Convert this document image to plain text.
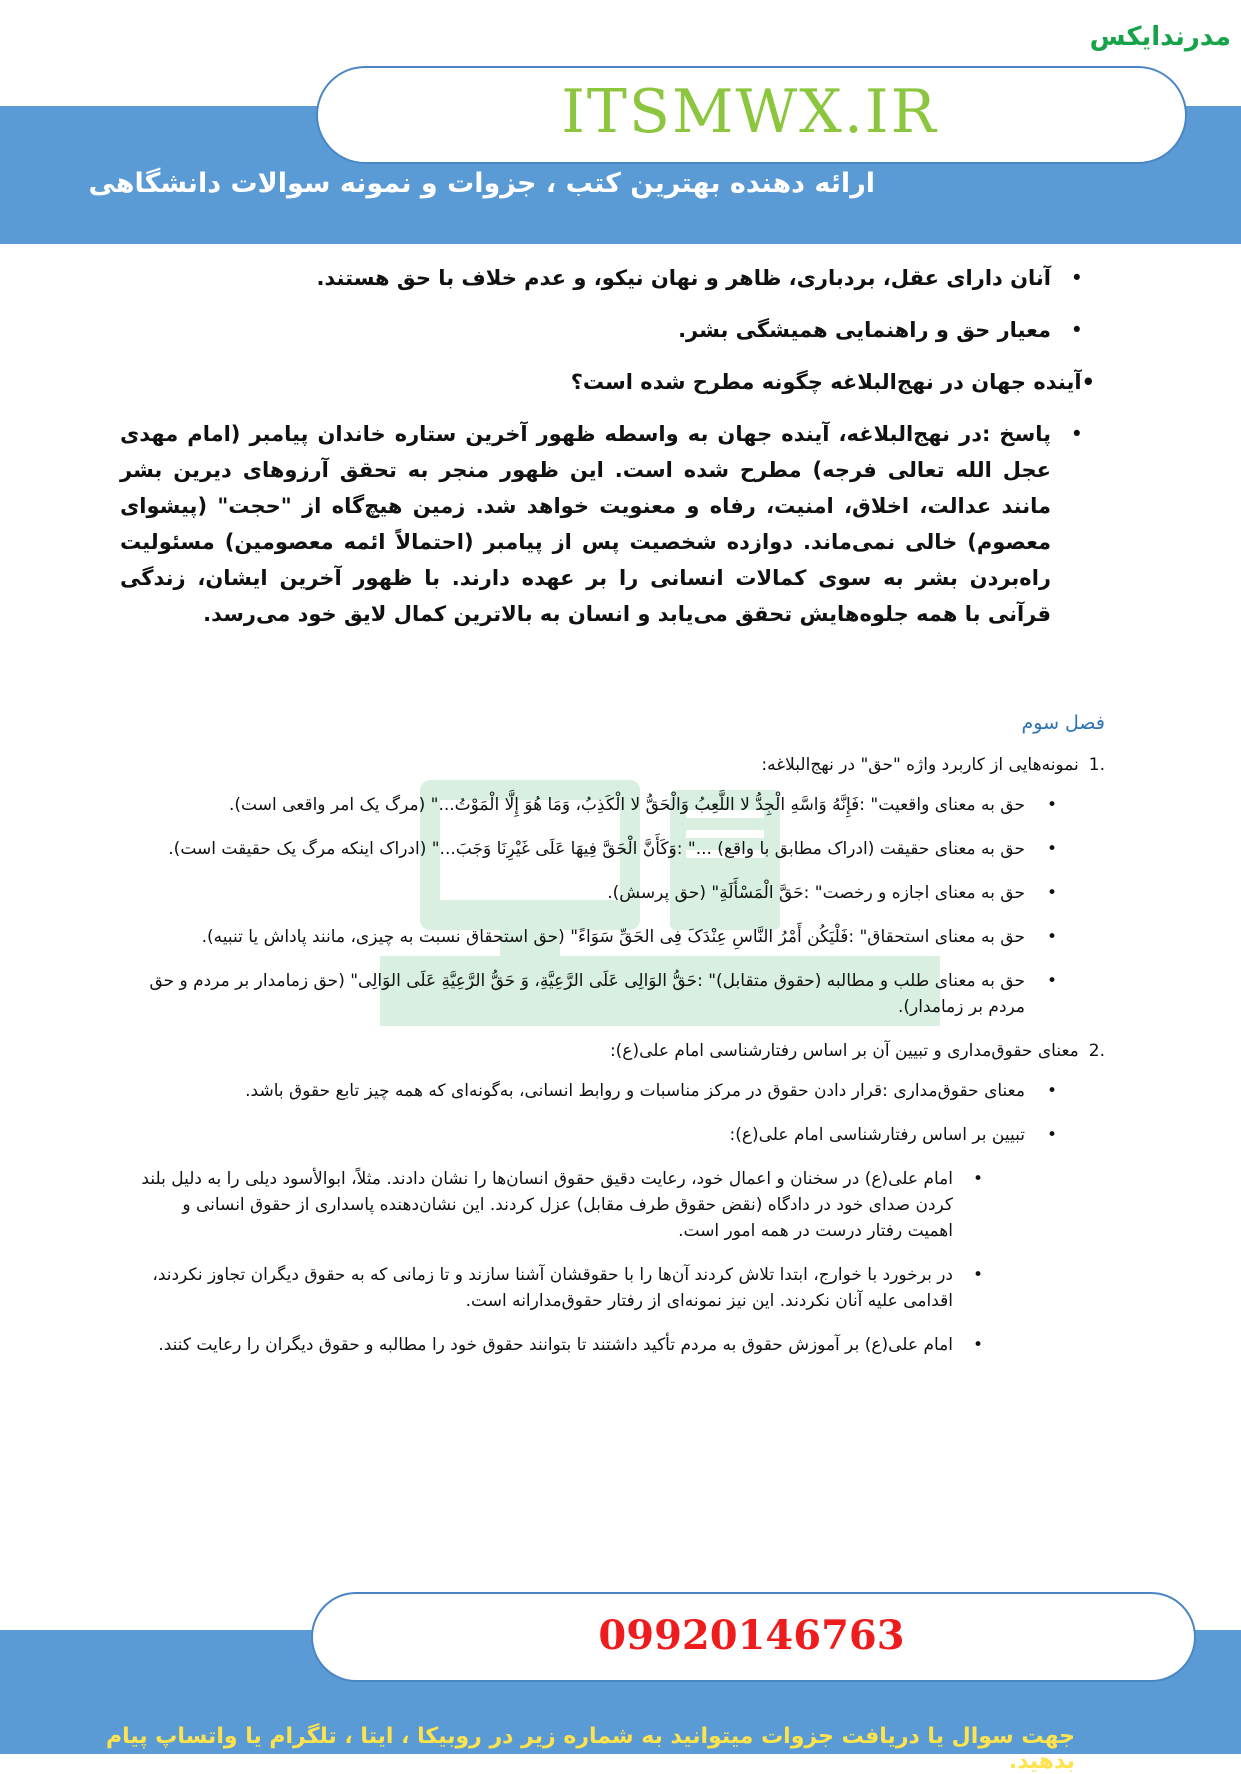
مدرندایکس
ITSMWX.IR
ارائه دهنده بهترین کتب ، جزوات و نمونه سوالات دانشگاهی
• آنان دارای عقل، بردباری، ظاهر و نهان نیکو، و عدم خلاف با حق هستند.
• معیار حق و راهنمایی همیشگی بشر.
•آینده جهان در نهج‌البلاغه چگونه مطرح شده است؟
• پاسخ :در نهج‌البلاغه، آینده جهان به واسطه ظهور آخرین ستاره خاندان پیامبر (امام مهدی عجل الله تعالی فرجه) مطرح شده است. این ظهور منجر به تحقق آرزوهای دیرین بشر مانند عدالت، اخلاق، امنیت، رفاه و معنویت خواهد شد. زمین هیچ‌گاه از "حجت" (پیشوای معصوم) خالی نمی‌ماند. دوازده شخصیت پس از پیامبر (احتمالاً ائمه معصومین) مسئولیت راه‌بردن بشر به سوی کمالات انسانی را بر عهده دارند. با ظهور آخرین ایشان، زندگی قرآنی با همه جلوه‌هایش تحقق می‌یابد و انسان به بالاترین کمال لایق خود می‌رسد.
فصل سوم
.1نمونه‌هایی از کاربرد واژه "حق" در نهج‌البلاغه:
• حق به معنای واقعیت" :فَإِنَّهُ وَاسَّهِ الْجِدُّ لا اللَّعِبُ وَالْحَقُّ لا الْکَذِبُ، وَمَا هُوَ إِلَّا الْمَوْتُ..." (مرگ یک امر واقعی است).
• حق به معنای حقیقت (ادراک مطابق با واقع) ..." :وَکَأَنَّ الْحَقَّ فِیهَا عَلَی غَیْرِنَا وَجَبَ..." (ادراک اینکه مرگ یک حقیقت است).
• حق به معنای اجازه و رخصت" :حَقَّ الْمَسْأَلَةِ" (حق پرسش).
• حق به معنای استحقاق" :فَلْیَکُن أَمْرُ النَّاسِ عِنْدَکَ فِی الحَقِّ سَوَاءً" (حق استحقاق نسبت به چیزی، مانند پاداش یا تنبیه).
• حق به معنای طلب و مطالبه (حقوق متقابل)" :حَقُّ الوَالِی عَلَی الرَّعِیَّةِ، وَ حَقُّ الرَّعِیَّةِ عَلَی الوَالِی" (حق زمامدار بر مردم و حق مردم بر زمامدار).
.2معنای حقوق‌مداری و تبیین آن بر اساس رفتارشناسی امام علی(ع):
• معنای حقوق‌مداری :قرار دادن حقوق در مرکز مناسبات و روابط انسانی، به‌گونه‌ای که همه چیز تابع حقوق باشد.
• تبیین بر اساس رفتارشناسی امام علی(ع):
• امام علی(ع) در سخنان و اعمال خود، رعایت دقیق حقوق انسان‌ها را نشان دادند. مثلاً، ابوالأسود دیلی را به دلیل بلند کردن صدای خود در دادگاه (نقض حقوق طرف مقابل) عزل کردند. این نشان‌دهنده پاسداری از حقوق انسانی و اهمیت رفتار درست در همه امور است.
• در برخورد با خوارج، ابتدا تلاش کردند آن‌ها را با حقوقشان آشنا سازند و تا زمانی که به حقوق دیگران تجاوز نکردند، اقدامی علیه آنان نکردند. این نیز نمونه‌ای از رفتار حقوق‌مدارانه است.
• امام علی(ع) بر آموزش حقوق به مردم تأکید داشتند تا بتوانند حقوق خود را مطالبه و حقوق دیگران را رعایت کنند.
09920146763
جهت سوال یا دریافت جزوات میتوانید به شماره زیر در روبیکا ، ایتا ، تلگرام یا واتساپ پیام بدهید.
